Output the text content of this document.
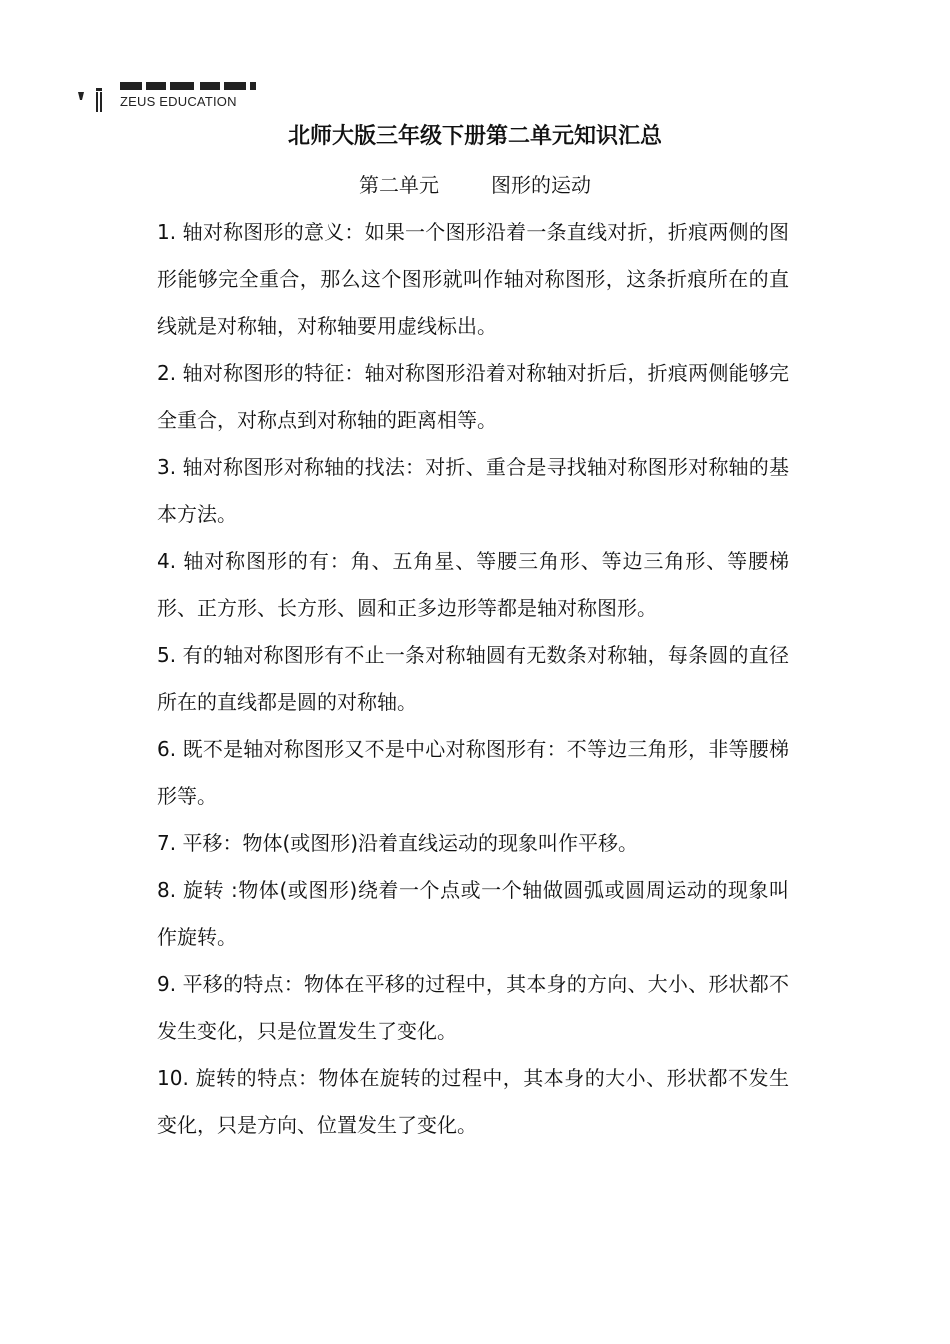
ZEUS EDUCATION
北师大版三年级下册第二单元知识汇总
第二单元	图形的运动

1. 轴对称图形的意义：如果一个图形沿着一条直线对折，折痕两侧的图形能够完全重合，那么这个图形就叫作轴对称图形，这条折痕所在的直线就是对称轴，对称轴要用虚线标出。

2. 轴对称图形的特征：轴对称图形沿着对称轴对折后，折痕两侧能够完全重合，对称点到对称轴的距离相等。

3. 轴对称图形对称轴的找法：对折、重合是寻找轴对称图形对称轴的基本方法。

4. 轴对称图形的有：角、五角星、等腰三角形、等边三角形、等腰梯形、正方形、长方形、圆和正多边形等都是轴对称图形。

5. 有的轴对称图形有不止一条对称轴圆有无数条对称轴，每条圆的直径所在的直线都是圆的对称轴。

6. 既不是轴对称图形又不是中心对称图形有：不等边三角形，非等腰梯形等。

7. 平移：物体(或图形)沿着直线运动的现象叫作平移。

8. 旋转 :物体(或图形)绕着一个点或一个轴做圆弧或圆周运动的现象叫作旋转。

9. 平移的特点：物体在平移的过程中，其本身的方向、大小、形状都不发生变化，只是位置发生了变化。

10. 旋转的特点：物体在旋转的过程中，其本身的大小、形状都不发生变化，只是方向、位置发生了变化。
